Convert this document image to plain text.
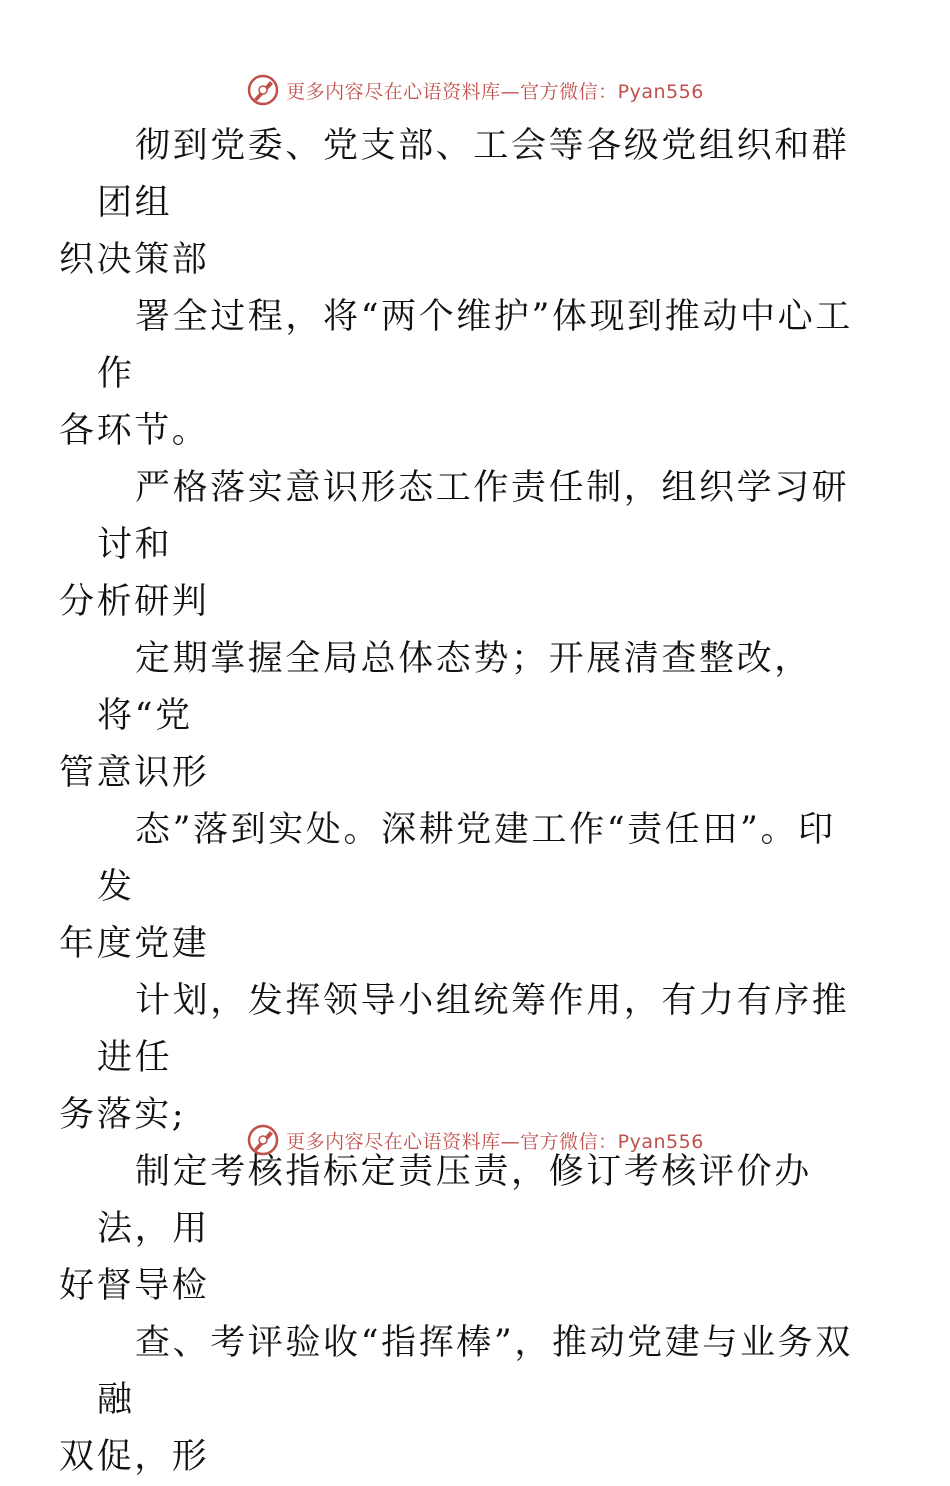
更多内容尽在心语资料库—官方微信：Pyan556

彻到党委、党支部、工会等各级党组织和群团组
织决策部

署全过程，将“两个维护”体现到推动中心工作
各环节。

严格落实意识形态工作责任制，组织学习研讨和
分析研判

定期掌握全局总体态势；开展清查整改，将“党
管意识形

态”落到实处。深耕党建工作“责任田”。印发
年度党建

计划，发挥领导小组统筹作用，有力有序推进任
务落实;

制定考核指标定责压责，修订考核评价办法，用
好督导检

查、考评验收“指挥棒”，推动党建与业务双融
双促，形

更多内容尽在心语资料库—官方微信：Pyan556
